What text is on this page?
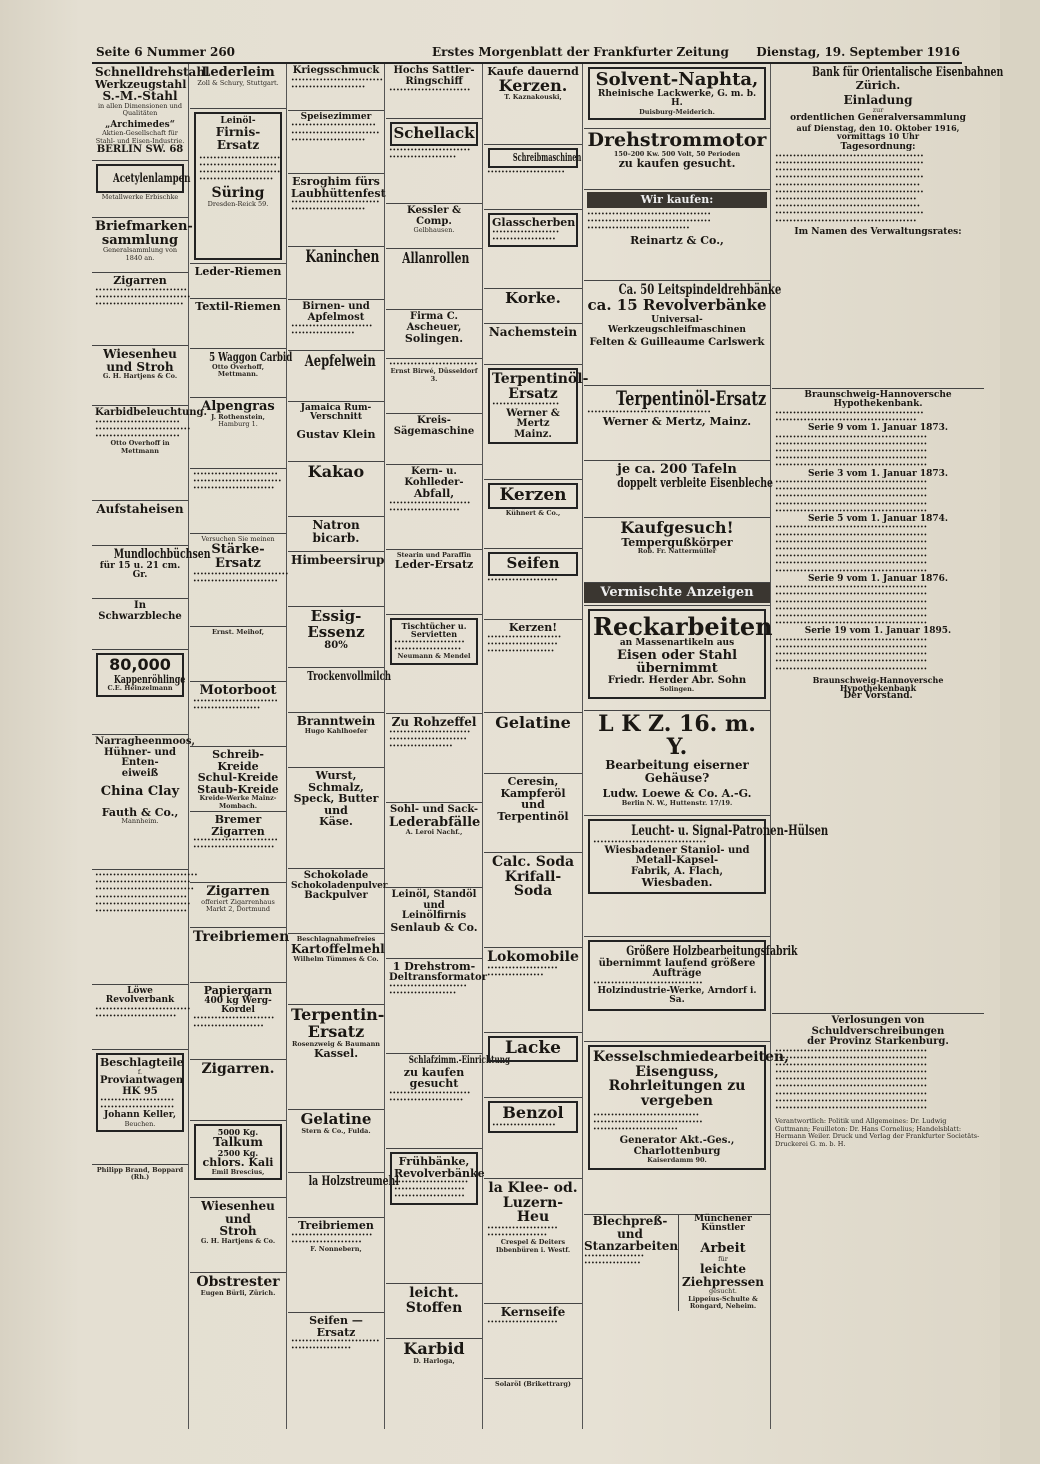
Seite 6 Nummer 260	Erstes Morgenblatt der Frankfurter Zeitung Dienstag, 19. September 1916
Schnelldrehstahl
Werkzeugstahl
S.-M.-Stahl
in allen Dimensionen und Qualitäten
„Archimedes“
Aktien-Gesellschaft für Stahl- und Eisen-Industrie.
BERLIN SW. 68
Acetylenlampen
Metallwerke Erbischke
Briefmarken-sammlung
Generalsammlung von 1840 an.
Zigarren
•••••••••••••••••••••••••• ••••••••••••••••••••••••••• •••••••••••••••••••••••••
Wiesenheu
und Stroh
G. H. Hartjens & Co.
Karbidbeleuchtung.
•••••••••••••••••••••••• ••••••••••••••••••••••••••• ••••••••••••••••••••••••
Otto Overhoff in Mettmann
Aufstaheisen
Mundlochbüchsen
für 15 u. 21 cm. Gr.
In Schwarzbleche
80,000
Kappenröhlinge
C.E. Heinzelmann
Narragheenmoos,
Hühner- und Enten-
eiweiß
China Clay
Fauth & Co.,
Mannheim.
••••••••••••••••••••••••••••• ••••••••••••••••••••••••••• •••••••••••••••••••••••••••• •••••••••••••••••••••••••• ••••••••••••••••••••••••••• ••••••••••••••••••••••••••
Löwe Revolverbank
••••••••••••••••••••••••••• •••••••••••••••••••••••
Beschlagteile
f.
Proviantwagen HK 95
••••••••••••••••••••• •••••••••••••••••••••
Johann Keller,
Beuchen.
Philipp Brand, Boppard (Rh.)
Lederleim
Zoll & Schury, Stuttgart.
Leinöl-
Firnis-Ersatz
••••••••••••••••••••••• •••••••••••••••••••••• ••••••••••••••••••••••• •••••••••••••••••••••
Süring
Dresden-Reick 59.
Leder-Riemen
Textil-Riemen
5 Waggon Carbid
Otto Overhoff, Mettmann.
Alpengras
J. Rothenstein,
Hamburg 1.
•••••••••••••••••••••••• ••••••••••••••••••••••••• •••••••••••••••••••••••
Versuchen Sie meinen
Stärke-Ersatz
••••••••••••••••••••••••••• ••••••••••••••••••••••••
Ernst. Meihof,
Motorboot
•••••••••••••••••••••••• •••••••••••••••••••
Schreib-Kreide
Schul-Kreide
Staub-Kreide
Kreide-Werke Mainz-Mombach.
Bremer Zigarren
•••••••••••••••••••••••• •••••••••••••••••••••••
Zigarren
offeriert Zigarrenhaus Markt 2, Dortmund
Treibriemen
Papiergarn
400 kg Werg-Kordel
••••••••••••••••••••••• ••••••••••••••••••••
Zigarren.
5000 Kg.
Talkum
2500 Kg.
chlors. Kali
Emil Brescius,
Wiesenheu und
Stroh
G. H. Hartjens & Co.
Obstrester
Eugen Bürli, Zürich.
Kriegsschmuck
•••••••••••••••••••••••••• •••••••••••••••••••••
Speisezimmer
•••••••••••••••••••••••• ••••••••••••••••••••••••• •••••••••••••••••••••
Esroghim fürs
Laubhüttenfest
••••••••••••••••••••••••• •••••••••••••••••••••
Kaninchen
Birnen- und Apfelmost
••••••••••••••••••••••• ••••••••••••••••••
Aepfelwein
Jamaica Rum-Verschnitt
Gustav Klein
Kakao
Natron bicarb.
Himbeersirup
Essig-Essenz
80%
Trockenvollmilch
Branntwein
Hugo Kahlhoefer
Wurst, Schmalz,
Speck, Butter und
Käse.
Schokolade
Schokoladenpulver
Backpulver
Beschlagnahmefreies
Kartoffelmehl
Wilhelm Tümmes & Co.
Terpentin-
Ersatz
Rosenzweig & Baumann
Kassel.
Gelatine
Stern & Co., Fulda.
la Holzstreumehl
Treibriemen
••••••••••••••••••••••• ••••••••••••••••••••
F. Nonnebern,
Seifen — Ersatz
••••••••••••••••••••••••• •••••••••••••••••
Hochs Sattler-
Ringschiff
•••••••••••••••••••••••
Schellack
••••••••••••••••••••••• •••••••••••••••••••
Kessler & Comp.
Gelbhausen.
Allanrollen
Firma C. Ascheuer,
Solingen.
•••••••••••••••••••••••••
Ernst Birwé, Düsseldorf 3.
Kreis-Sägemaschine
Kern- u. Kohlleder-
Abfall,
••••••••••••••••••••••• ••••••••••••••••••••
Stearin und Paraffin
Leder-Ersatz
Tischtücher u. Servietten
•••••••••••••••••••• •••••••••••••••••••
Neumann & Mendel
Zu Rohzeffel
••••••••••••••••••••••• •••••••••••••••••••••• ••••••••••••••••••
Sohl- und Sack-
Lederabfälle
A. Leroi Nachf.,
Leinöl, Standöl und
Leinölfirnis
Senlaub & Co.
1 Drehstrom-
Deltransformator
•••••••••••••••••••••• •••••••••••••••••••
Schlafzimm.-Einrichtung
zu kaufen gesucht
••••••••••••••••••••••• •••••••••••••••••••••
Frühbänke, Revolverbänke
••••••••••••••••••••• •••••••••••••••••••• ••••••••••••••••••••
leicht. Stoffen
Karbid
D. Harloga,
Kaufe dauernd
Kerzen.
T. Kaznakouski,
Schreibmaschinen
••••••••••••••••••••••
Glasscherben
••••••••••••••••••• ••••••••••••••••••
Korke.
Nachemstein
Terpentinöl-
Ersatz
•••••••••••••••••••
Werner & Mertz
Mainz.
Kerzen
Kühnert & Co.,
Seifen
••••••••••••••••••••
Kerzen!
••••••••••••••••••••• •••••••••••••••••••• •••••••••••••••••••
Gelatine
Ceresin, Kampferöl
und Terpentinöl
Calc. Soda
Krifall-Soda
Lokomobile
•••••••••••••••••••• ••••••••••••••••
Lacke
Benzol
••••••••••••••••••
la Klee- od.
Luzern-Heu
•••••••••••••••••••• •••••••••••••••••
Crespel & Deiters
Ibbenbüren i. Westf.
Kernseife
••••••••••••••••••••
Solaröl (Brikettrarg)
Solvent-Naphta,
Rheinische Lackwerke, G. m. b. H.
Duisburg-Meiderich.
Drehstrommotor
150–200 Kw. 500 Volt, 50 Perioden
zu kaufen gesucht.
Wir kaufen:
••••••••••••••••••••••••••••••••••• ••••••••••••••••••••••••••••••••••• •••••••••••••••••••••••••••••
Reinartz & Co.,
Ca. 50 Leitspindeldrehbänke
ca. 15 Revolverbänke
Universal-Werkzeugschleifmaschinen
Felten & Guilleaume Carlswerk
Terpentinöl-Ersatz
•••••••••••••••••••••••••••••••••••
Werner & Mertz, Mainz.
je ca. 200 Tafeln
doppelt verbleite Eisenbleche
Kaufgesuch!
Tempergußkörper
Rob. Fr. Nattermüller
Vermischte Anzeigen
Reckarbeiten
an Massenartikeln aus
Eisen oder Stahl übernimmt
Friedr. Herder Abr. Sohn
Solingen.
L K Z. 16. m. Y.
Bearbeitung eiserner Gehäuse?
Ludw. Loewe & Co. A.-G.
Berlin N. W., Huttenstr. 17/19.
Leucht- u. Signal-Patronen-Hülsen
••••••••••••••••••••••••••••••••
Wiesbadener Staniol- und Metall-Kapsel-
Fabrik, A. Flach,
Wiesbaden.
Größere Holzbearbeitungsfabrik
übernimmt laufend größere Aufträge
•••••••••••••••••••••••••••••••
Holzindustrie-Werke, Arndorf i. Sa.
Kesselschmiedearbeiten,
Eisenguss,
Rohrleitungen zu vergeben
•••••••••••••••••••••••••••••• ••••••••••••••••••••••••••••••• ••••••••••••••••••••••••
Generator Akt.-Ges., Charlottenburg
Kaiserdamm 90.
Blechpreß- und
Stanzarbeiten
••••••••••••••••• ••••••••••••••••
Münchener Künstler
Arbeit
für
leichte Ziehpressen
gesucht.
Lippeius-Schulte & Rongard, Neheim.
Bank für Orientalische Eisenbahnen
Zürich.
Einladung
zur
ordentlichen Generalversammlung
auf Dienstag, den 10. Oktober 1916,
vormittags 10 Uhr
Tagesordnung:
•••••••••••••••••••••••••••••••••••••••••• •••••••••••••••••••••••••••••••••••••••••• ••••••••••••••••••••••••••••••••••••••••• •••••••••••••••••••••••••••••••••••••••••• ••••••••••••••••••••••••••••••••••••••••• •••••••••••••••••••••••••••••••••••••••••• •••••••••••••••••••••••••••••••••••••••• ••••••••••••••••••••••••••••••••••••••••• •••••••••••••••••••••••••••••••••••••••••• ••••••••••••••••••••••••••••••••••••••••
Im Namen des Verwaltungsrates:
Braunschweig-Hannoversche Hypothekenbank.
•••••••••••••••••••••••••••••••••••••••••• ••••••••••••••••••••••••••••••••••••••••
Serie 9 vom 1. Januar 1873.
••••••••••••••••••••••••••••••••••••••••••• ••••••••••••••••••••••••••••••••••••••••••• ••••••••••••••••••••••••••••••••••••••••••• ••••••••••••••••••••••••••••••••••••••••••• •••••••••••••••••••••••••••••••••••••••••••
Serie 3 vom 1. Januar 1873.
••••••••••••••••••••••••••••••••••••••••••• ••••••••••••••••••••••••••••••••••••••••••• ••••••••••••••••••••••••••••••••••••••••••• ••••••••••••••••••••••••••••••••••••••••••• •••••••••••••••••••••••••••••••••••••••••••
Serie 5 vom 1. Januar 1874.
••••••••••••••••••••••••••••••••••••••••••• ••••••••••••••••••••••••••••••••••••••••••• ••••••••••••••••••••••••••••••••••••••••••• ••••••••••••••••••••••••••••••••••••••••••• ••••••••••••••••••••••••••••••••••••••••••• ••••••••••••••••••••••••••••••••••••••••••• •••••••••••••••••••••••••••••••••••••••••••
Serie 9 vom 1. Januar 1876.
••••••••••••••••••••••••••••••••••••••••••• ••••••••••••••••••••••••••••••••••••••••••• ••••••••••••••••••••••••••••••••••••••••••• ••••••••••••••••••••••••••••••••••••••••••• ••••••••••••••••••••••••••••••••••••••••••• •••••••••••••••••••••••••••••••••••••••••••
Serie 19 vom 1. Januar 1895.
••••••••••••••••••••••••••••••••••••••••••• ••••••••••••••••••••••••••••••••••••••••••• ••••••••••••••••••••••••••••••••••••••••••• ••••••••••••••••••••••••••••••••••••••••••• •••••••••••••••••••••••••••••••••••••••••••
Braunschweig-Hannoversche Hypothekenbank
Der Vorstand.
Verlosungen von Schuldverschreibungen
der Provinz Starkenburg.
••••••••••••••••••••••••••••••••••••••••••• ••••••••••••••••••••••••••••••••••••••••••• ••••••••••••••••••••••••••••••••••••••••••• ••••••••••••••••••••••••••••••••••••••••••• ••••••••••••••••••••••••••••••••••••••••••• ••••••••••••••••••••••••••••••••••••••••••• ••••••••••••••••••••••••••••••••••••••••••• ••••••••••••••••••••••••••••••••••••••••••• •••••••••••••••••••••••••••••••••••••••••••
Verantwortlich: Politik und Allgemeines: Dr. Ludwig Guttmann; Feuilleton: Dr. Hans Cornelius; Handelsblatt: Hermann Weiler. Druck und Verlag der Frankfurter Societäts-Druckerei G. m. b. H.
